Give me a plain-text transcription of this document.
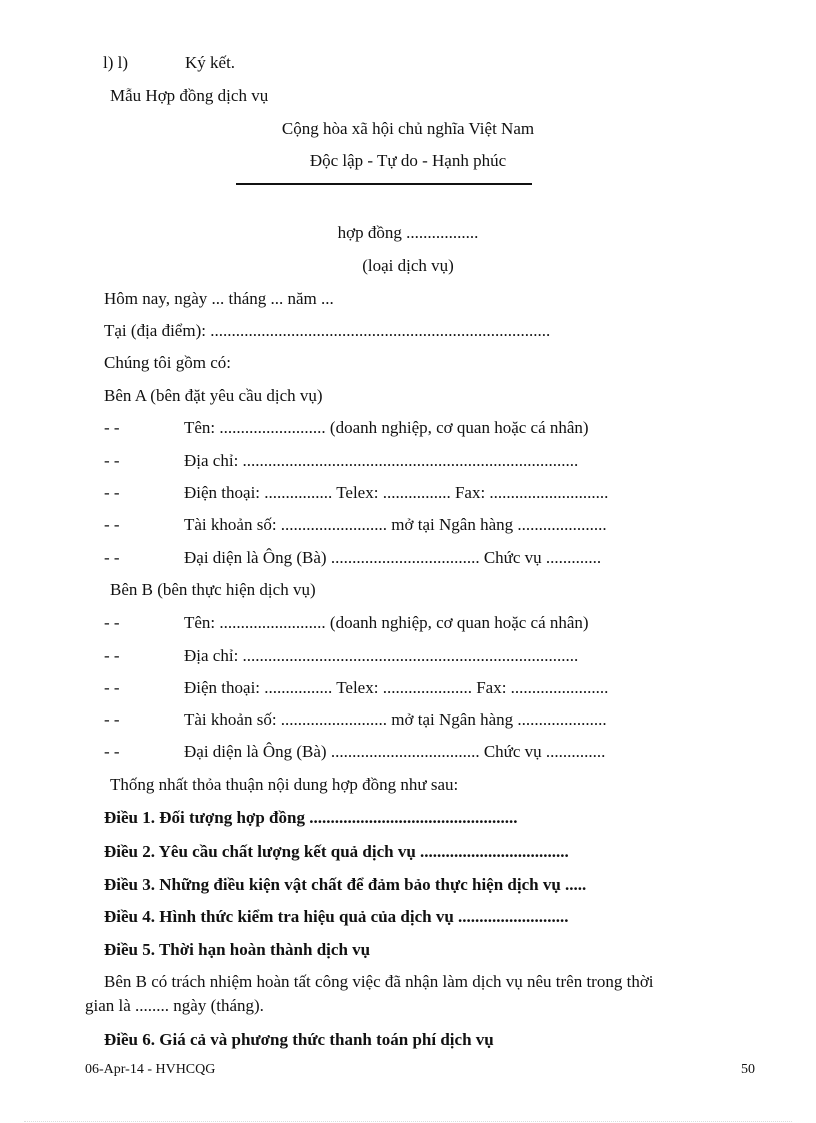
l) l)	Ký kết.
Mẫu Hợp đồng dịch vụ
Cộng hòa xã hội chủ nghĩa Việt Nam
Độc lập - Tự do - Hạnh phúc
hợp đồng .................
(loại dịch vụ)
Hôm nay, ngày ... tháng ... năm ...
Tại (địa điểm): ................................................................................
Chúng tôi gồm có:
Bên A (bên đặt yêu cầu dịch vụ)
- -	Tên: ......................... (doanh nghiệp, cơ quan hoặc cá nhân)
- -	Địa chỉ: ...............................................................................
- -	Điện thoại: ................ Telex: ................ Fax: ............................
- -	Tài khoản số: ......................... mở tại Ngân hàng .....................
- -	Đại diện là Ông (Bà) ................................... Chức vụ .............
Bên B (bên thực hiện dịch vụ)
- -	Tên: ......................... (doanh nghiệp, cơ quan hoặc cá nhân)
- -	Địa chỉ: ...............................................................................
- -	Điện thoại: ................ Telex: ..................... Fax: .......................
- -	Tài khoản số: ......................... mở tại Ngân hàng .....................
- -	Đại diện là Ông (Bà) ................................... Chức vụ ..............
Thống nhất thỏa thuận nội dung hợp đồng như sau:
Điều 1. Đối tượng hợp đồng .................................................
Điều 2. Yêu cầu chất lượng kết quả dịch vụ ...................................
Điều 3. Những điều kiện vật chất để đảm bảo thực hiện dịch vụ .....
Điều 4. Hình thức kiểm tra hiệu quả của dịch vụ ..........................
Điều 5. Thời hạn hoàn thành dịch vụ
Bên B có trách nhiệm hoàn tất công việc đã nhận làm dịch vụ nêu trên trong thời
gian là ........ ngày (tháng).
Điều 6. Giá cả và phương thức thanh toán phí dịch vụ
06-Apr-14 - HVHCQG	50
